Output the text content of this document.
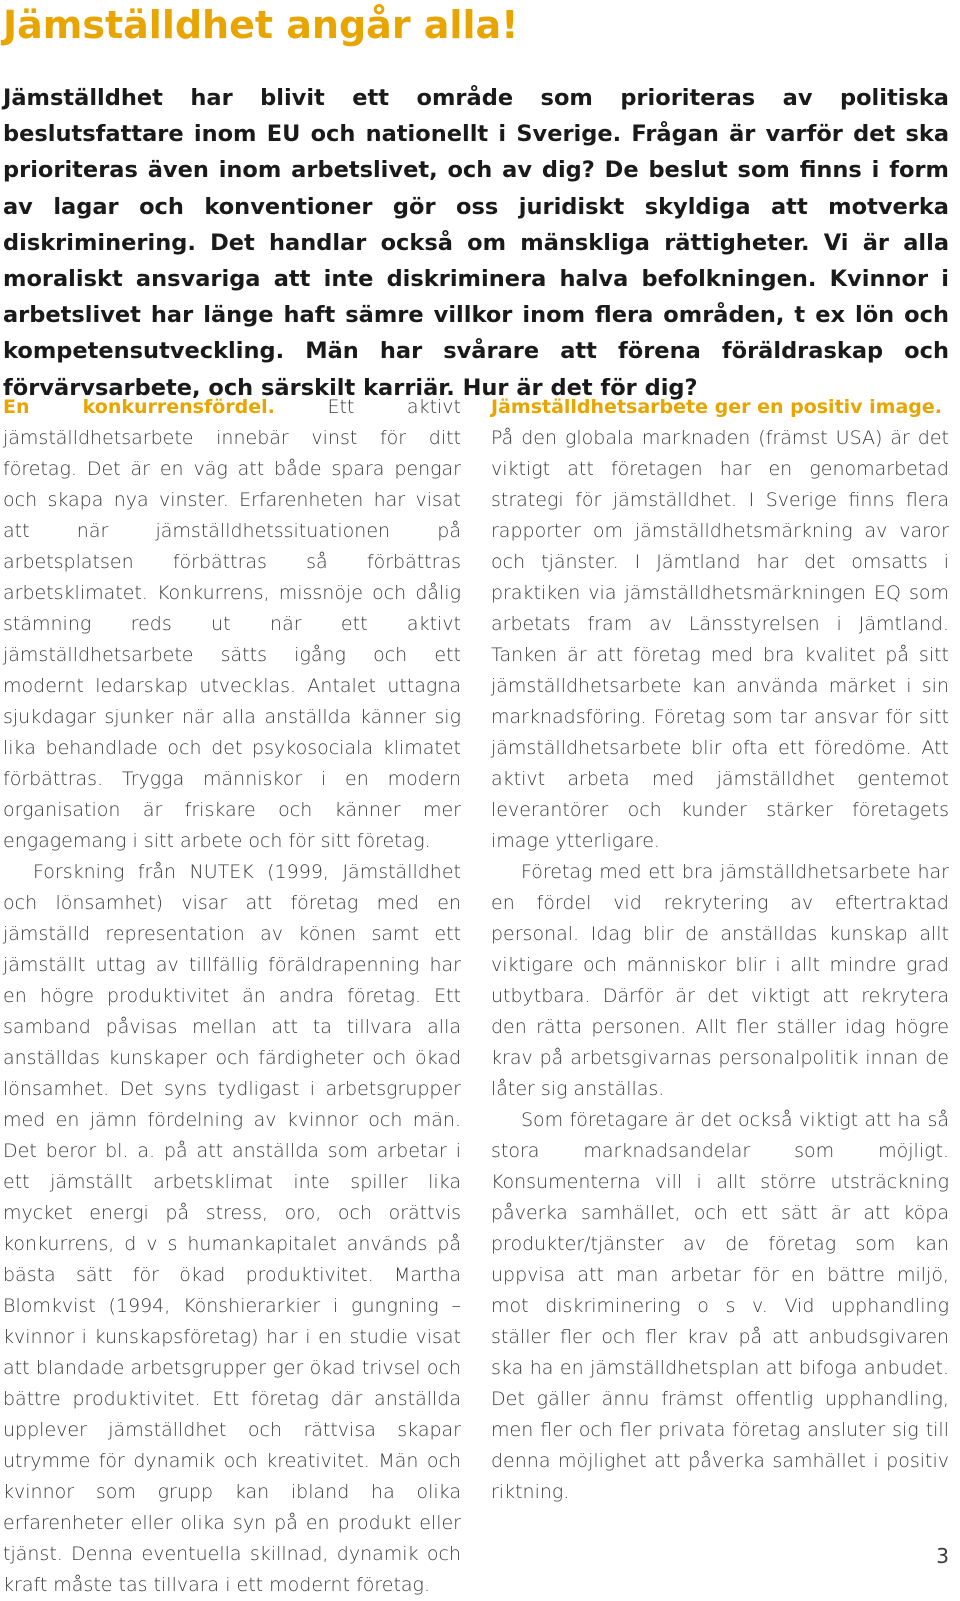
Jämställdhet angår alla!

Jämställdhet har blivit ett område som prioriteras av politiska beslutsfattare inom EU och nationellt i Sverige. Frågan är varför det ska prioriteras även inom arbetslivet, och av dig? De beslut som finns i form av lagar och konventioner gör oss juridiskt skyldiga att motverka diskriminering. Det handlar också om mänskliga rättigheter. Vi är alla moraliskt ansvariga att inte diskriminera halva befolkningen. Kvinnor i arbetslivet har länge haft sämre villkor inom flera områden, t ex lön och kompetensutveckling. Män har svårare att förena föräldraskap och förvärvsarbete, och särskilt karriär. Hur är det för dig?

En konkurrensfördel. Ett aktivt jämställdhetsarbete innebär vinst för ditt företag. Det är en väg att både spara pengar och skapa nya vinster. Erfarenheten har visat att när jämställdhetssituationen på arbetsplatsen förbättras så förbättras arbetsklimatet. Konkurrens, missnöje och dålig stämning reds ut när ett aktivt jämställdhetsarbete sätts igång och ett modernt ledarskap utvecklas. Antalet uttagna sjukdagar sjunker när alla anställda känner sig lika behandlade och det psykosociala klimatet förbättras. Trygga människor i en modern organisation är friskare och känner mer engagemang i sitt arbete och för sitt företag.

Forskning från NUTEK (1999, Jämställdhet och lönsamhet) visar att företag med en jämställd representation av könen samt ett jämställt uttag av tillfällig föräldrapenning har en högre produktivitet än andra företag. Ett samband påvisas mellan att ta tillvara alla anställdas kunskaper och färdigheter och ökad lönsamhet. Det syns tydligast i arbetsgrupper med en jämn fördelning av kvinnor och män. Det beror bl. a. på att anställda som arbetar i ett jämställt arbetsklimat inte spiller lika mycket energi på stress, oro, och orättvis konkurrens, d v s humankapitalet används på bästa sätt för ökad produktivitet. Martha Blomkvist (1994, Könshierarkier i gungning – kvinnor i kunskapsföretag) har i en studie visat att blandade arbetsgrupper ger ökad trivsel och bättre produktivitet. Ett företag där anställda upplever jämställdhet och rättvisa skapar utrymme för dynamik och kreativitet. Män och kvinnor som grupp kan ibland ha olika erfarenheter eller olika syn på en produkt eller tjänst. Denna eventuella skillnad, dynamik och kraft måste tas tillvara i ett modernt företag.

Jämställdhetsarbete ger en positiv image.

På den globala marknaden (främst USA) är det viktigt att företagen har en genomarbetad strategi för jämställdhet. I Sverige finns flera rapporter om jämställdhetsmärkning av varor och tjänster. I Jämtland har det omsatts i praktiken via jämställdhetsmärkningen EQ som arbetats fram av Länsstyrelsen i Jämtland. Tanken är att företag med bra kvalitet på sitt jämställdhetsarbete kan använda märket i sin marknadsföring. Företag som tar ansvar för sitt jämställdhetsarbete blir ofta ett föredöme. Att aktivt arbeta med jämställdhet gentemot leverantörer och kunder stärker företagets image ytterligare.

Företag med ett bra jämställdhetsarbete har en fördel vid rekrytering av eftertraktad personal. Idag blir de anställdas kunskap allt viktigare och människor blir i allt mindre grad utbytbara. Därför är det viktigt att rekrytera den rätta personen. Allt fler ställer idag högre krav på arbetsgivarnas personalpolitik innan de låter sig anställas.

Som företagare är det också viktigt att ha så stora marknadsandelar som möjligt. Konsumenterna vill i allt större utsträckning påverka samhället, och ett sätt är att köpa produkter/tjänster av de företag som kan uppvisa att man arbetar för en bättre miljö, mot diskriminering o s v. Vid upphandling ställer fler och fler krav på att anbudsgivaren ska ha en jämställdhetsplan att bifoga anbudet. Det gäller ännu främst offentlig upphandling, men fler och fler privata företag ansluter sig till denna möjlighet att påverka samhället i positiv riktning.

3
